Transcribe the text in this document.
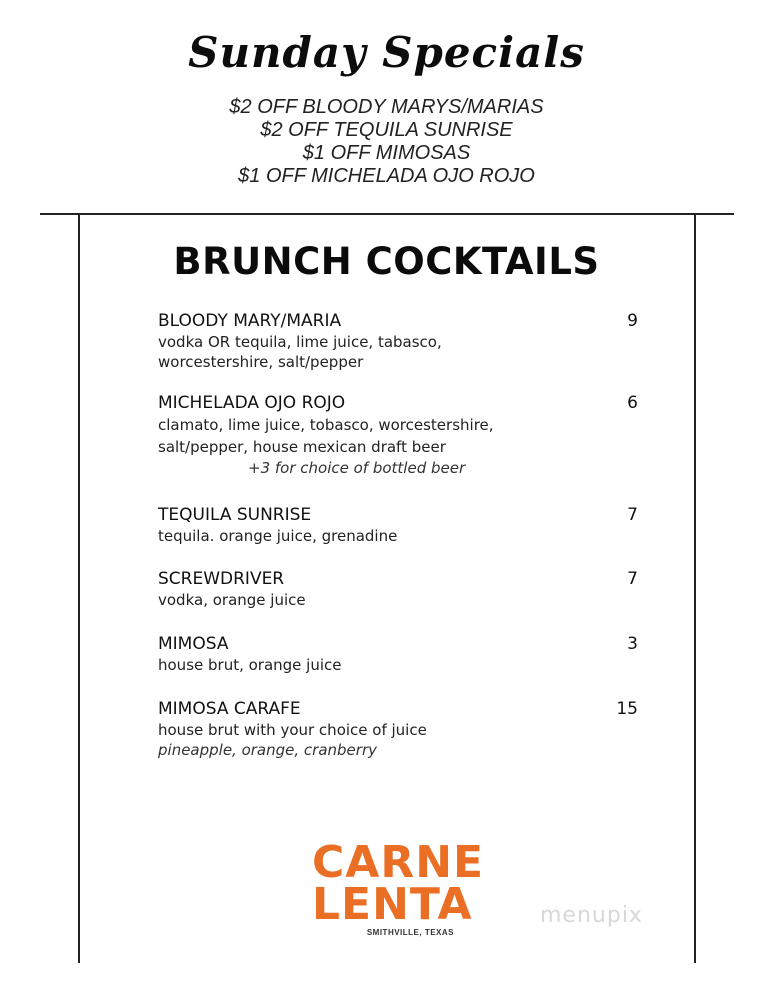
Sunday Specials
$2 OFF BLOODY MARYS/MARIAS
$2 OFF TEQUILA SUNRISE
$1 OFF MIMOSAS
$1 OFF MICHELADA OJO ROJO
BRUNCH COCKTAILS
BLOODY MARY/MARIA	9
vodka OR tequila, lime juice, tabasco,
worcestershire, salt/pepper
MICHELADA OJO ROJO	6
clamato, lime juice, tobasco, worcestershire,
salt/pepper, house mexican draft beer
+3 for choice of bottled beer
TEQUILA SUNRISE	7
tequila. orange juice, grenadine
SCREWDRIVER	7
vodka, orange juice
MIMOSA	3
house brut, orange juice
MIMOSA CARAFE	15
house brut with your choice of juice
pineapple, orange, cranberry
CARNE
LENTA
SMITHVILLE, TEXAS
menupix
